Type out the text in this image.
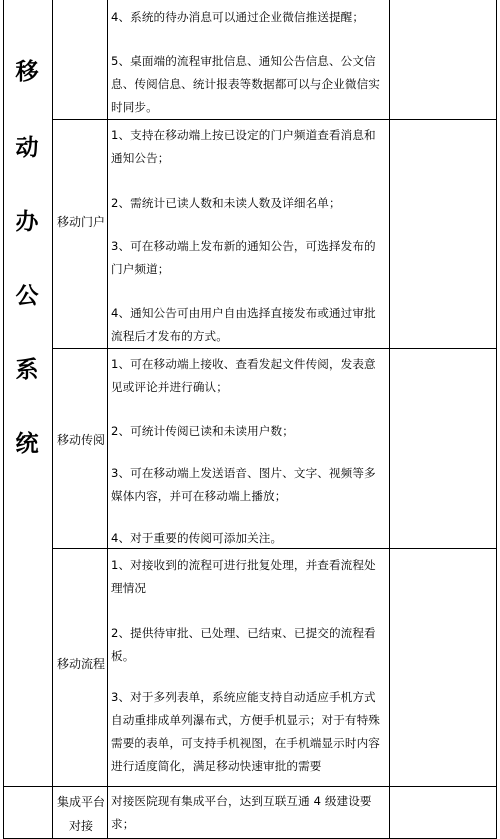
移
动
办
公
系
统
4、系统的待办消息可以通过企业微信推送提醒；
5、桌面端的流程审批信息、通知公告信息、公文信息、传阅信息、统计报表等数据都可以与企业微信实时同步。
移动门户
1、支持在移动端上按已设定的门户频道查看消息和通知公告；
2、需统计已读人数和未读人数及详细名单；
3、可在移动端上发布新的通知公告，可选择发布的门户频道；
4、通知公告可由用户自由选择直接发布或通过审批流程后才发布的方式。
移动传阅
1、可在移动端上接收、查看发起文件传阅，发表意见或评论并进行确认；
2、可统计传阅已读和未读用户数；
3、可在移动端上发送语音、图片、文字、视频等多媒体内容，并可在移动端上播放；
4、对于重要的传阅可添加关注。
移动流程
1、对接收到的流程可进行批复处理，并查看流程处理情况
2、提供待审批、已处理、已结束、已提交的流程看板。
3、对于多列表单，系统应能支持自动适应手机方式自动重排成单列瀑布式，方便手机显示；对于有特殊需要的表单，可支持手机视图，在手机端显示时内容进行适度简化，满足移动快速审批的需要
集成平台对接
对接医院现有集成平台，达到互联互通 4 级建设要求；
